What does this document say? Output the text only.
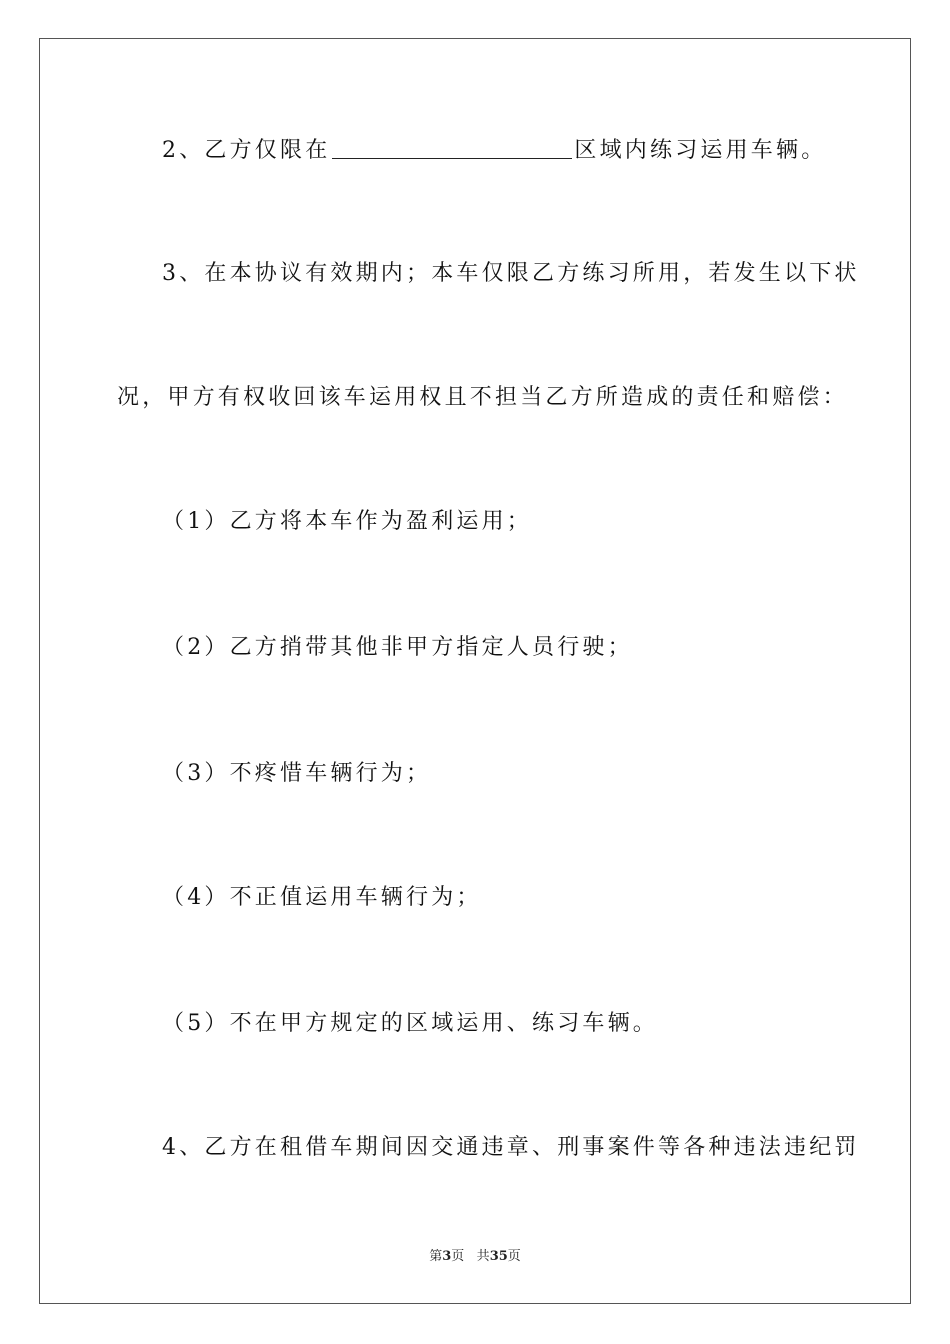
2、乙方仅限在	区域内练习运用车辆。
3、在本协议有效期内；本车仅限乙方练习所用，若发生以下状
况，甲方有权收回该车运用权且不担当乙方所造成的责任和赔偿：
（1）乙方将本车作为盈利运用；
（2）乙方捎带其他非甲方指定人员行驶；
（3）不疼惜车辆行为；
（4）不正值运用车辆行为；
（5）不在甲方规定的区域运用、练习车辆。
4、乙方在租借车期间因交通违章、刑事案件等各种违法违纪罚
第3页 共35页
